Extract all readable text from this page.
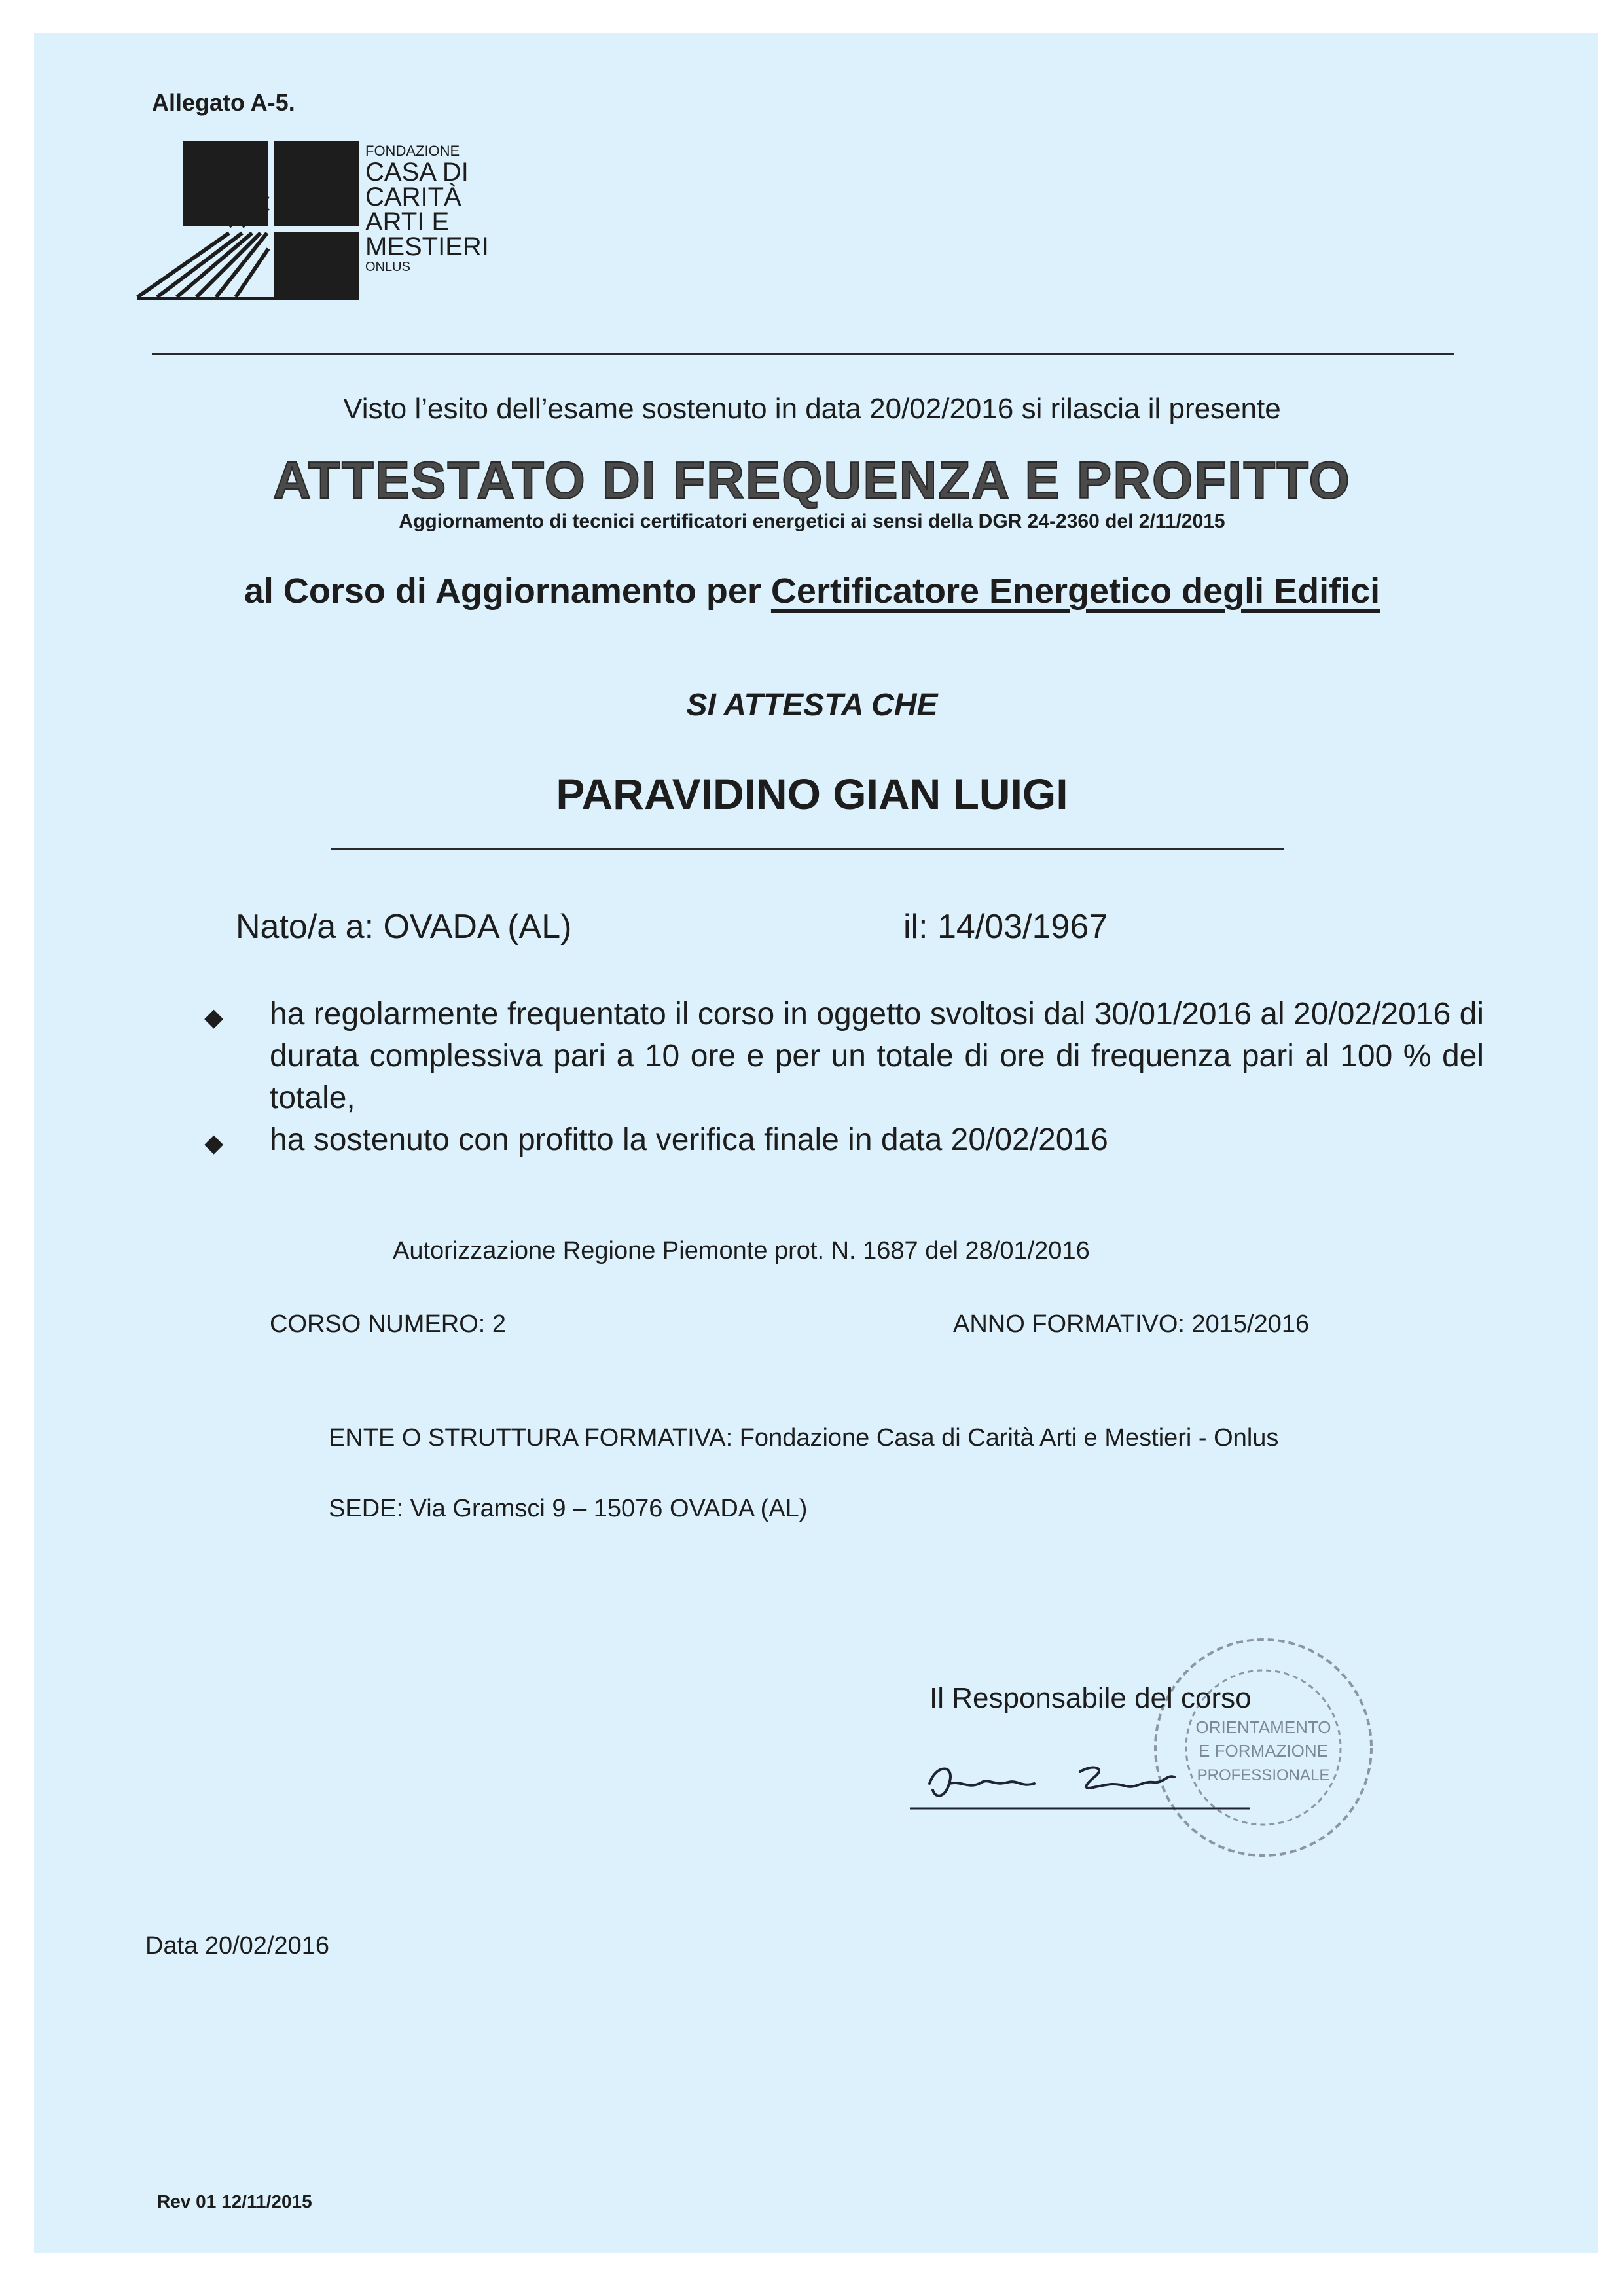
Allegato A-5.
FONDAZIONE
CASA DI
CARITÀ
ARTI E
MESTIERI
ONLUS
Visto l’esito dell’esame sostenuto in data 20/02/2016 si rilascia il presente
ATTESTATO DI FREQUENZA E PROFITTO
Aggiornamento di tecnici certificatori energetici ai sensi della DGR 24-2360 del 2/11/2015
al Corso di Aggiornamento per Certificatore Energetico degli Edifici
SI ATTESTA CHE
PARAVIDINO GIAN LUIGI
Nato/a a: OVADA (AL)	il: 14/03/1967
◆ ha regolarmente frequentato il corso in oggetto svoltosi dal 30/01/2016 al 20/02/2016 di durata complessiva pari a 10 ore e per un totale di ore di frequenza pari al 100 % del totale,
◆ ha sostenuto con profitto la verifica finale in data 20/02/2016
Autorizzazione Regione Piemonte prot. N. 1687 del 28/01/2016
CORSO NUMERO: 2	ANNO FORMATIVO: 2015/2016
ENTE O STRUTTURA FORMATIVA: Fondazione Casa di Carità Arti e Mestieri - Onlus
SEDE: Via Gramsci 9 – 15076 OVADA (AL)
ORIENTAMENTO
E FORMAZIONE
PROFESSIONALE
Il Responsabile del corso
Data 20/02/2016
Rev 01 12/11/2015
